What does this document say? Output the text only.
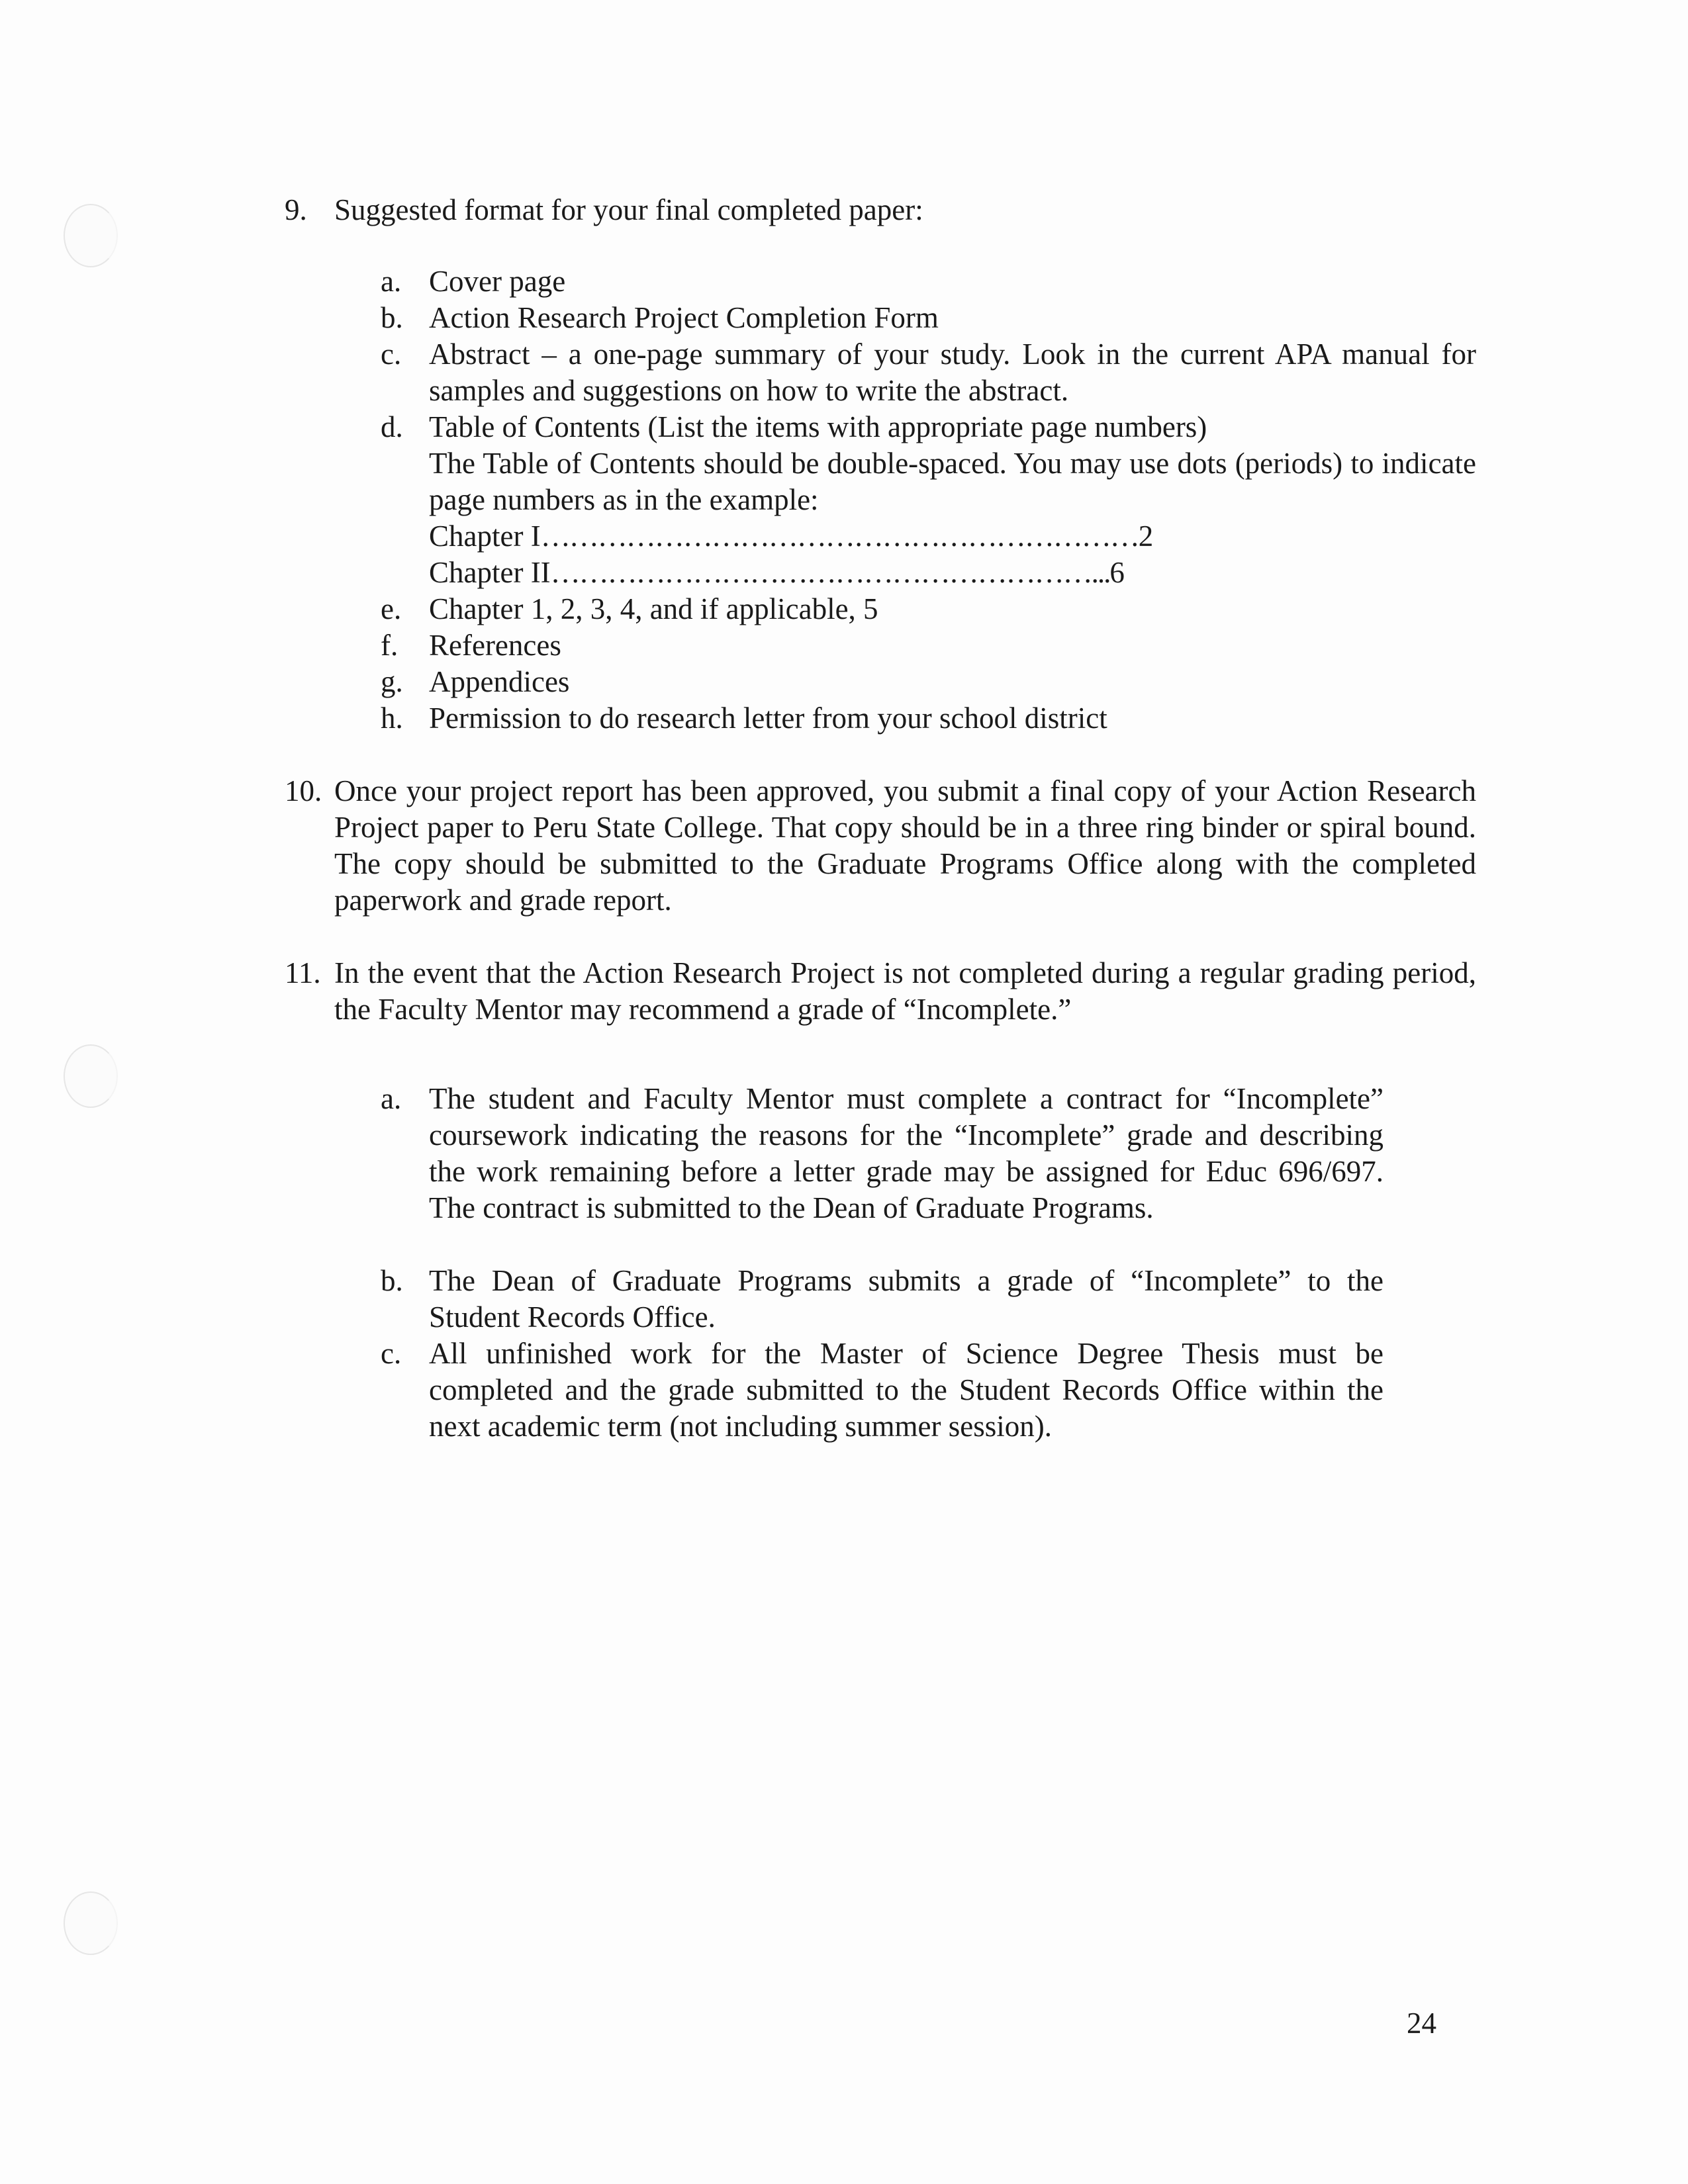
9. Suggested format for your final completed paper:
a. Cover page
b. Action Research Project Completion Form
c. Abstract – a one-page summary of your study. Look in the current APA manual for samples and suggestions on how to write the abstract.
d. Table of Contents (List the items with appropriate page numbers)
The Table of Contents should be double-spaced. You may use dots (periods) to indicate page numbers as in the example:
Chapter I………………………………………………………2
Chapter II…………………………………………………...6
e. Chapter 1, 2, 3, 4, and if applicable, 5
f. References
g. Appendices
h. Permission to do research letter from your school district
10. Once your project report has been approved, you submit a final copy of your Action Research Project paper to Peru State College. That copy should be in a three ring binder or spiral bound. The copy should be submitted to the Graduate Programs Office along with the completed paperwork and grade report.
11. In the event that the Action Research Project is not completed during a regular grading period, the Faculty Mentor may recommend a grade of “Incomplete.”
a. The student and Faculty Mentor must complete a contract for “Incomplete” coursework indicating the reasons for the “Incomplete” grade and describing the work remaining before a letter grade may be assigned for Educ 696/697. The contract is submitted to the Dean of Graduate Programs.
b. The Dean of Graduate Programs submits a grade of “Incomplete” to the Student Records Office.
c. All unfinished work for the Master of Science Degree Thesis must be completed and the grade submitted to the Student Records Office within the next academic term (not including summer session).
24
